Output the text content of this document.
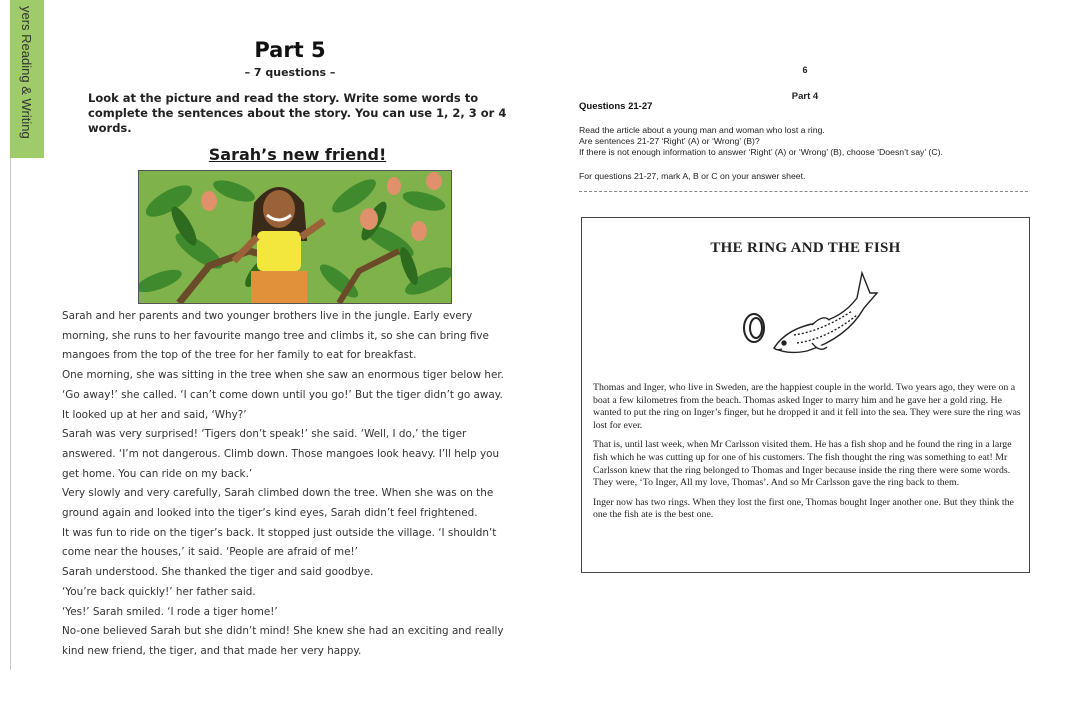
yers Reading & Writing	Part 5
– 7 questions –
Look at the picture and read the story. Write some words to complete the sentences about the story. You can use 1, 2, 3 or 4 words.
Sarah’s new friend!

Sarah and her parents and two younger brothers live in the jungle. Early every morning, she runs to her favourite mango tree and climbs it, so she can bring five mangoes from the top of the tree for her family to eat for breakfast.

One morning, she was sitting in the tree when she saw an enormous tiger below her. ‘Go away!’ she called. ‘I can’t come down until you go!’ But the tiger didn’t go away. It looked up at her and said, ‘Why?’

Sarah was very surprised! ‘Tigers don’t speak!’ she said. ‘Well, I do,’ the tiger answered. ‘I’m not dangerous. Climb down. Those mangoes look heavy. I’ll help you get home. You can ride on my back.’

Very slowly and very carefully, Sarah climbed down the tree. When she was on the ground again and looked into the tiger’s kind eyes, Sarah didn’t feel frightened.

It was fun to ride on the tiger’s back. It stopped just outside the village. ‘I shouldn’t come near the houses,’ it said. ‘People are afraid of me!’

Sarah understood. She thanked the tiger and said goodbye.

‘You’re back quickly!’ her father said.

‘Yes!’ Sarah smiled. ‘I rode a tiger home!’

No-one believed Sarah but she didn’t mind! She knew she had an exciting and really kind new friend, the tiger, and that made her very happy.

6
Part 4
Questions 21-27

Read the article about a young man and woman who lost a ring.

Are sentences 21-27 ‘Right’ (A) or ‘Wrong’ (B)?

If there is not enough information to answer ‘Right’ (A) or ‘Wrong’ (B), choose ‘Doesn’t say’ (C).

For questions 21-27, mark A, B or C on your answer sheet.
THE RING AND THE FISH

Thomas and Inger, who live in Sweden, are the happiest couple in the world. Two years ago, they were on a boat a few kilometres from the beach. Thomas asked Inger to marry him and he gave her a gold ring. He wanted to put the ring on Inger’s finger, but he dropped it and it fell into the sea. They were sure the ring was lost for ever.

That is, until last week, when Mr Carlsson visited them. He has a fish shop and he found the ring in a large fish which he was cutting up for one of his customers. The fish thought the ring was something to eat! Mr Carlsson knew that the ring belonged to Thomas and Inger because inside the ring there were some words. They were, ‘To Inger, All my love, Thomas’. And so Mr Carlsson gave the ring back to them.

Inger now has two rings. When they lost the first one, Thomas bought Inger another one. But they think the one the fish ate is the best one.
